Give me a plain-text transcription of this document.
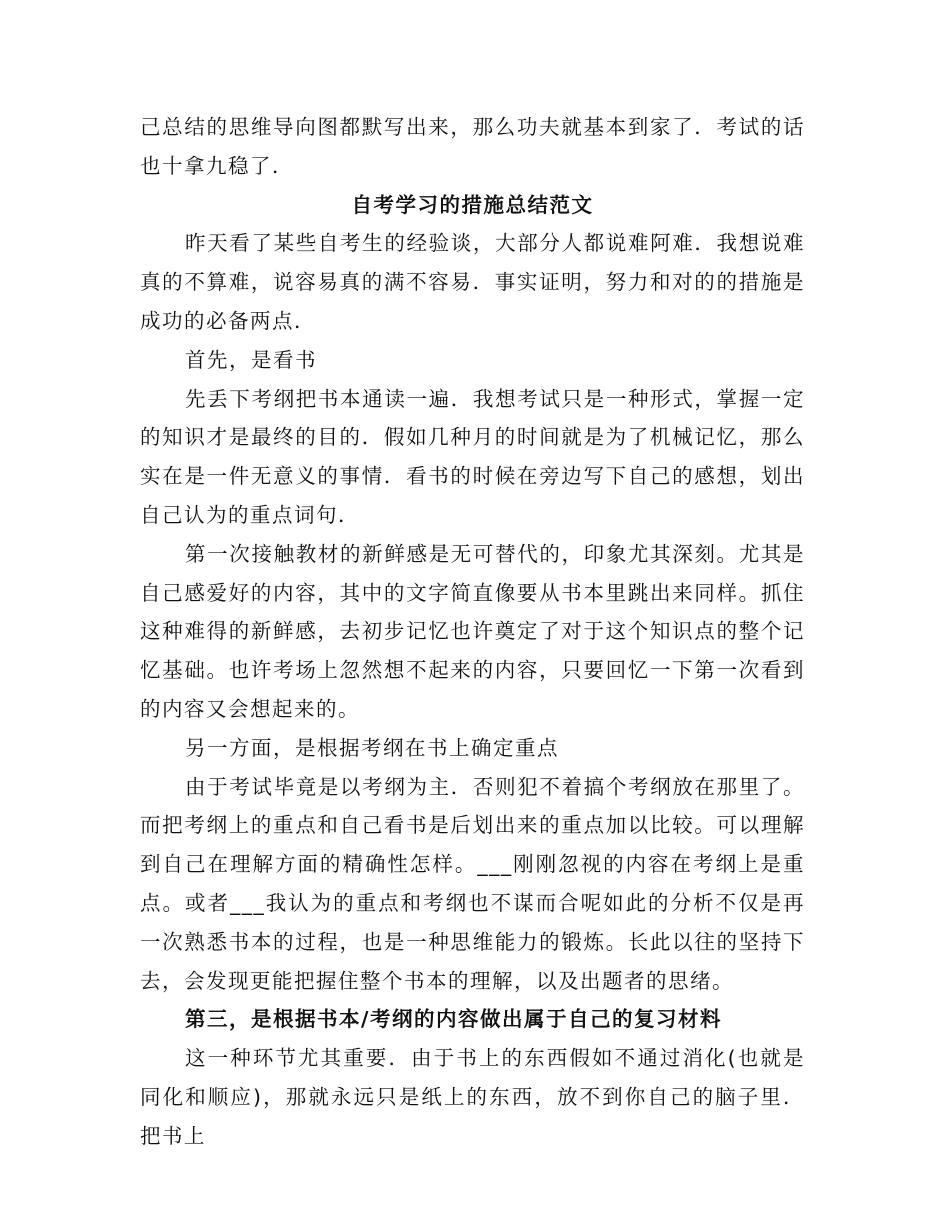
己总结的思维导向图都默写出来，那么功夫就基本到家了．考试的话也十拿九稳了．

自考学习的措施总结范文

昨天看了某些自考生的经验谈，大部分人都说难阿难．我想说难真的不算难，说容易真的满不容易．事实证明，努力和对的的措施是成功的必备两点．

首先，是看书

先丢下考纲把书本通读一遍．我想考试只是一种形式，掌握一定的知识才是最终的目的．假如几种月的时间就是为了机械记忆，那么实在是一件无意义的事情．看书的时候在旁边写下自己的感想，划出自己认为的重点词句．

第一次接触教材的新鲜感是无可替代的，印象尤其深刻。尤其是自己感爱好的内容，其中的文字简直像要从书本里跳出来同样。抓住这种难得的新鲜感，去初步记忆也许奠定了对于这个知识点的整个记忆基础。也许考场上忽然想不起来的内容，只要回忆一下第一次看到的内容又会想起来的。

另一方面，是根据考纲在书上确定重点

由于考试毕竟是以考纲为主．否则犯不着搞个考纲放在那里了。而把考纲上的重点和自己看书是后划出来的重点加以比较。可以理解到自己在理解方面的精确性怎样。___刚刚忽视的内容在考纲上是重点。或者___我认为的重点和考纲也不谋而合呢如此的分析不仅是再一次熟悉书本的过程，也是一种思维能力的锻炼。长此以往的坚持下去，会发现更能把握住整个书本的理解，以及出题者的思绪。

第三，是根据书本/考纲的内容做出属于自己的复习材料

这一种环节尤其重要．由于书上的东西假如不通过消化(也就是同化和顺应)，那就永远只是纸上的东西，放不到你自己的脑子里．把书上
